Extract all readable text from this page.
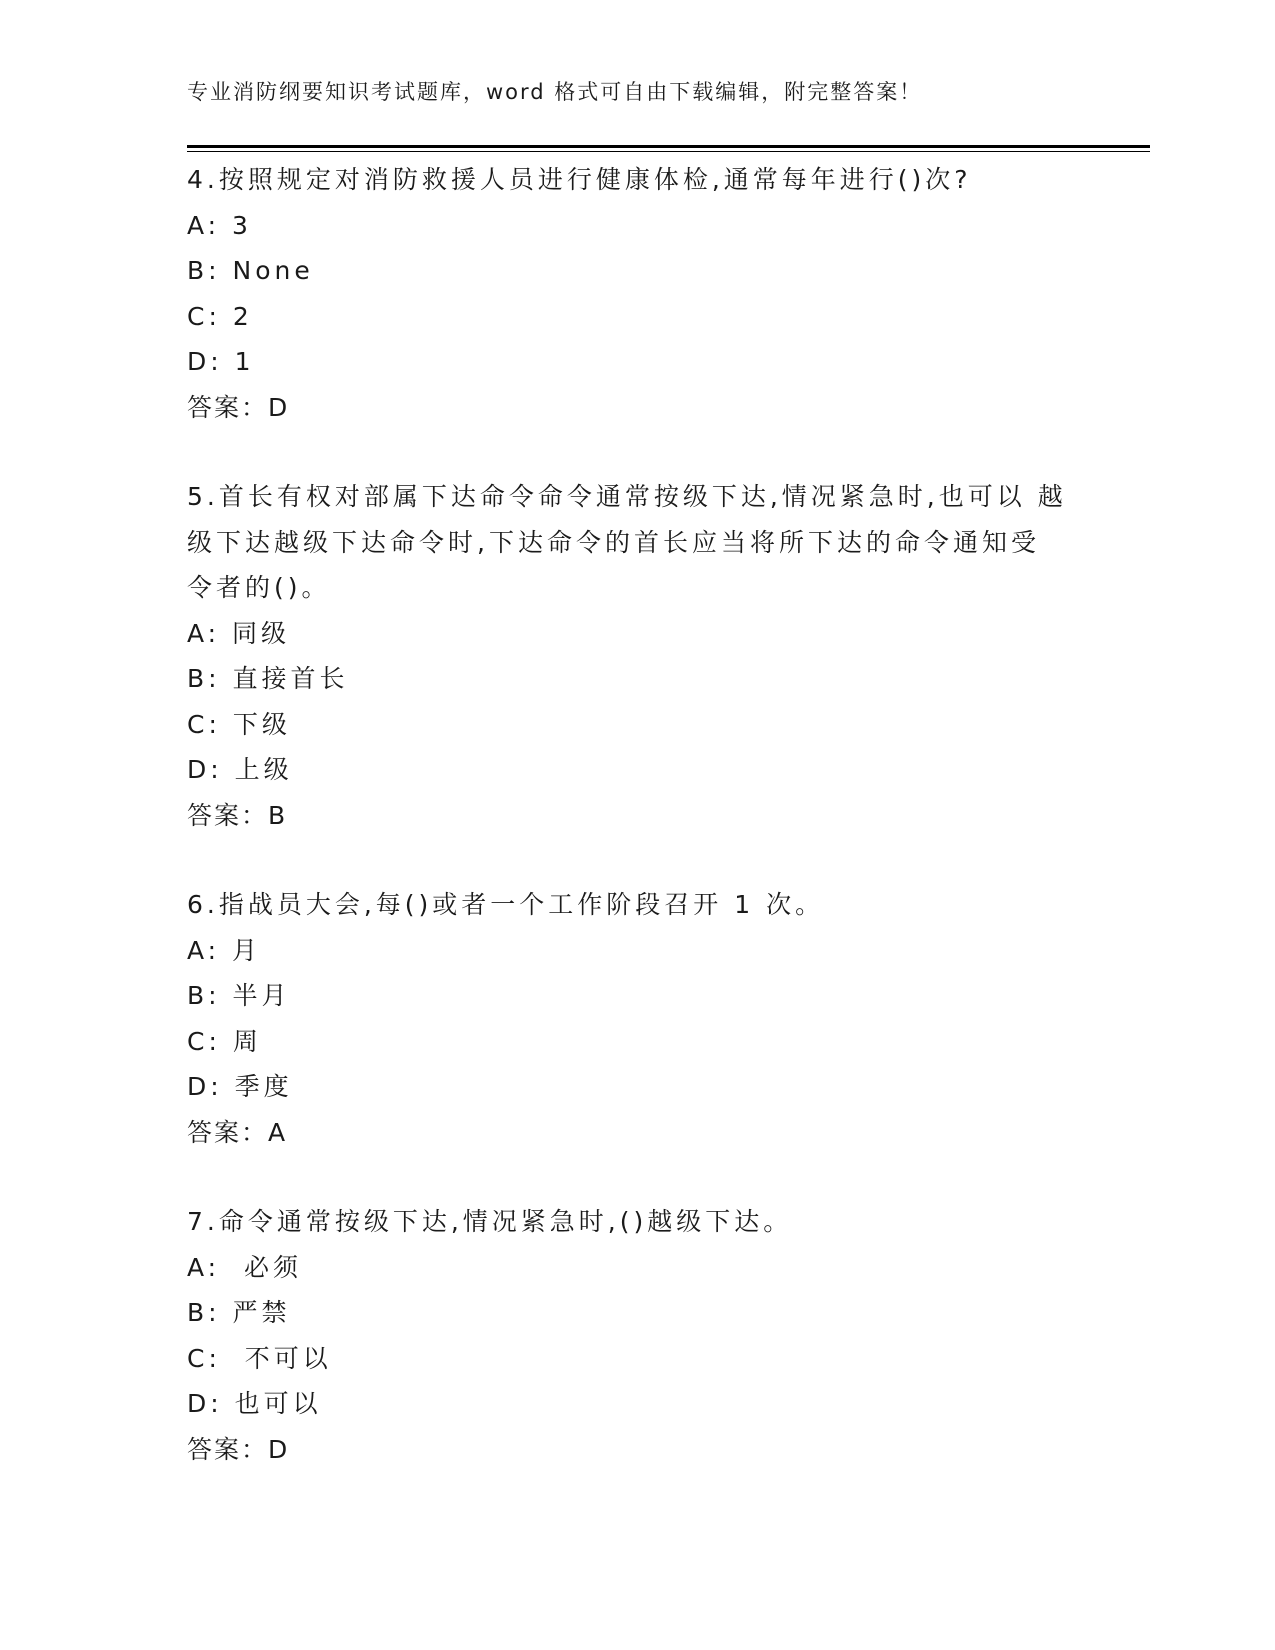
专业消防纲要知识考试题库，word 格式可自由下载编辑，附完整答案！
4.按照规定对消防救援人员进行健康体检,通常每年进行()次?
A: 3
B: None
C: 2
D: 1
答案：D
5.首长有权对部属下达命令命令通常按级下达,情况紧急时,也可以 越级下达越级下达命令时,下达命令的首长应当将所下达的命令通知受令者的()。
A: 同级
B: 直接首长
C: 下级
D: 上级
答案：B
6.指战员大会,每()或者一个工作阶段召开 1 次。
A: 月
B: 半月
C: 周
D: 季度
答案：A
7.命令通常按级下达,情况紧急时,()越级下达。
A:  必须
B: 严禁
C:  不可以
D: 也可以
答案：D
